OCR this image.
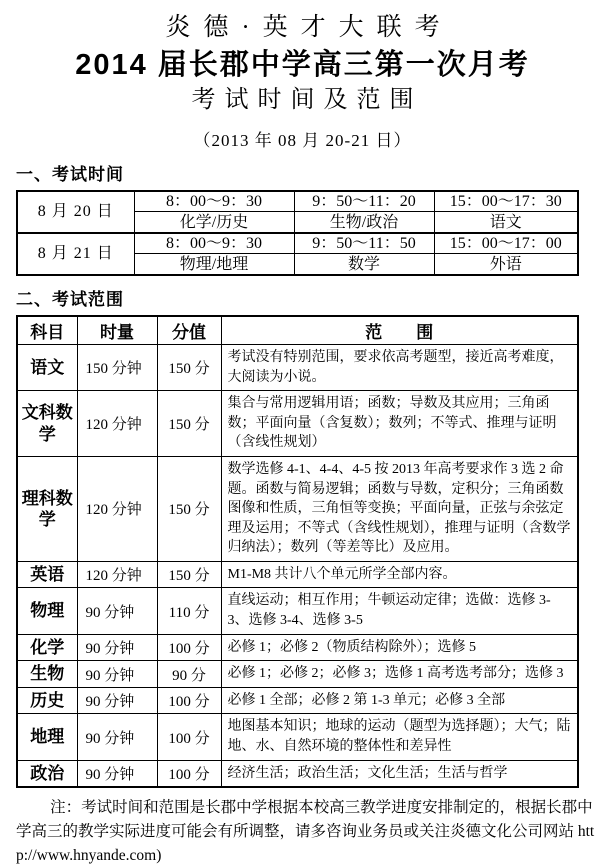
炎德·英才大联考
2014 届长郡中学高三第一次月考
考试时间及范围
（2013 年 08 月 20-21 日）
一、考试时间
8 月 20 日	8：00～9：30	9：50～11：20	15：00～17：30
	化学/历史	生物/政治	语文
8 月 21 日	8：00～9：30	9：50～11：50	15：00～17：00
	物理/地理	数学	外语
二、考试范围
科目	时量	分值	范　　围
语文	150 分钟	150 分	考试没有特别范围，要求依高考题型，接近高考难度，大阅读为小说。
文科数学	120 分钟	150 分	集合与常用逻辑用语；函数；导数及其应用；三角函数；平面向量（含复数）；数列；不等式、推理与证明（含线性规划）
理科数学	120 分钟	150 分	数学选修 4-1、4-4、4-5 按 2013 年高考要求作 3 选 2 命题。函数与简易逻辑；函数与导数，定积分；三角函数图像和性质，三角恒等变换；平面向量，正弦与余弦定理及运用；不等式（含线性规划），推理与证明（含数学归纳法）；数列（等差等比）及应用。
英语	120 分钟	150 分	M1-M8 共计八个单元所学全部内容。
物理	90 分钟	110 分	直线运动；相互作用；牛顿运动定律；选做：选修 3-3、选修 3-4、选修 3-5
化学	90 分钟	100 分	必修 1；必修 2（物质结构除外）；选修 5
生物	90 分钟	90 分	必修 1；必修 2；必修 3；选修 1 高考选考部分；选修 3
历史	90 分钟	100 分	必修 1 全部；必修 2 第 1-3 单元；必修 3 全部
地理	90 分钟	100 分	地图基本知识；地球的运动（题型为选择题）；大气；陆地、水、自然环境的整体性和差异性
政治	90 分钟	100 分	经济生活；政治生活；文化生活；生活与哲学

注：考试时间和范围是长郡中学根据本校高三教学进度安排制定的，根据长郡中学高三的教学实际进度可能会有所调整，请多咨询业务员或关注炎德文化公司网站 http://www.hnyande.com)
